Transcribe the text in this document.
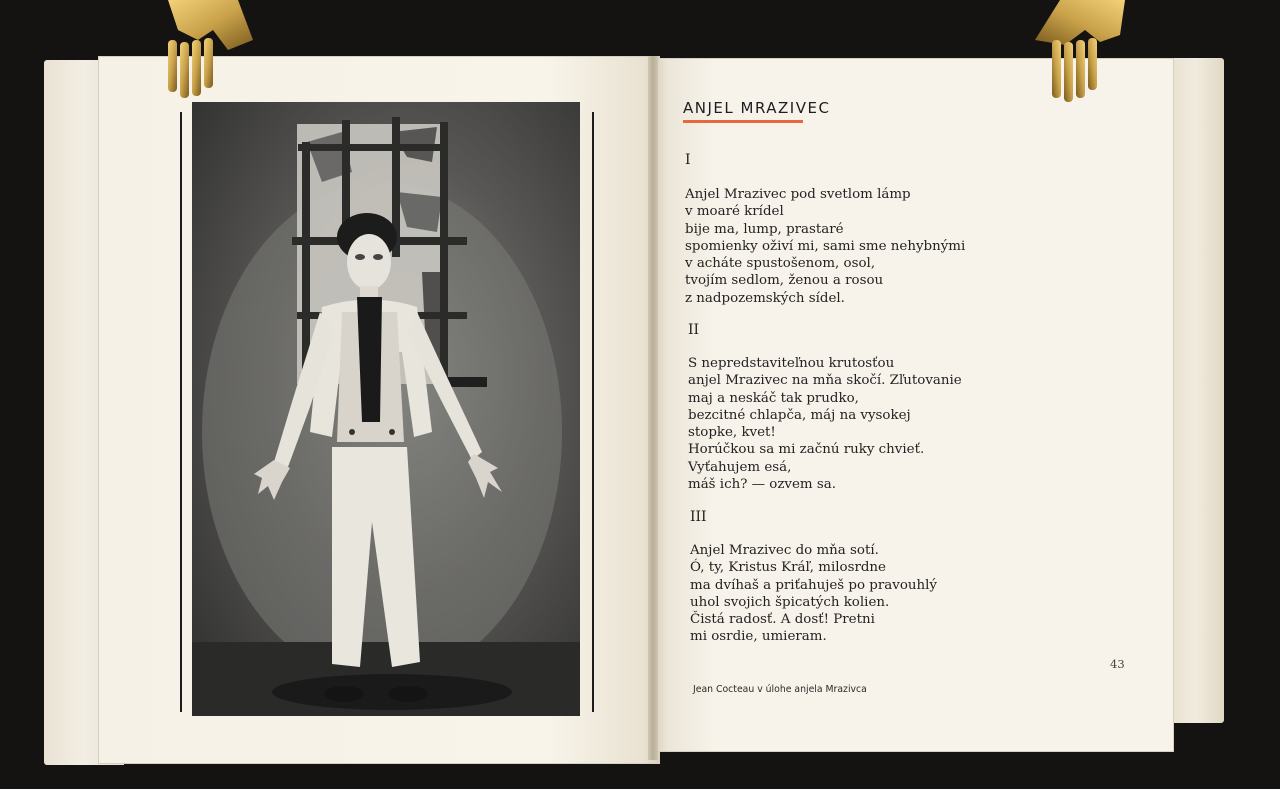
ANJEL MRAZIVEC

I

Anjel Mrazivec pod svetlom lámp
v moaré krídel
bije ma, lump, prastaré
spomienky oživí mi, sami sme nehybnými
v acháte spustošenom, osol,
tvojím sedlom, ženou a rosou
z nadpozemských sídel.

II

S nepredstaviteľnou krutosťou
anjel Mrazivec na mňa skočí. Zľutovanie
maj a neskáč tak prudko,
bezcitné chlapča, máj na vysokej
stopke, kvet!
Horúčkou sa mi začnú ruky chvieť.
Vyťahujem esá,
máš ich? — ozvem sa.

III

Anjel Mrazivec do mňa sotí.
Ó, ty, Kristus Kráľ, milosrdne
ma dvíhaš a priťahuješ po pravouhlý
uhol svojich špicatých kolien.
Čistá radosť. A dosť! Pretni
mi osrdie, umieram.
43
Jean Cocteau v úlohe anjela Mrazivca
